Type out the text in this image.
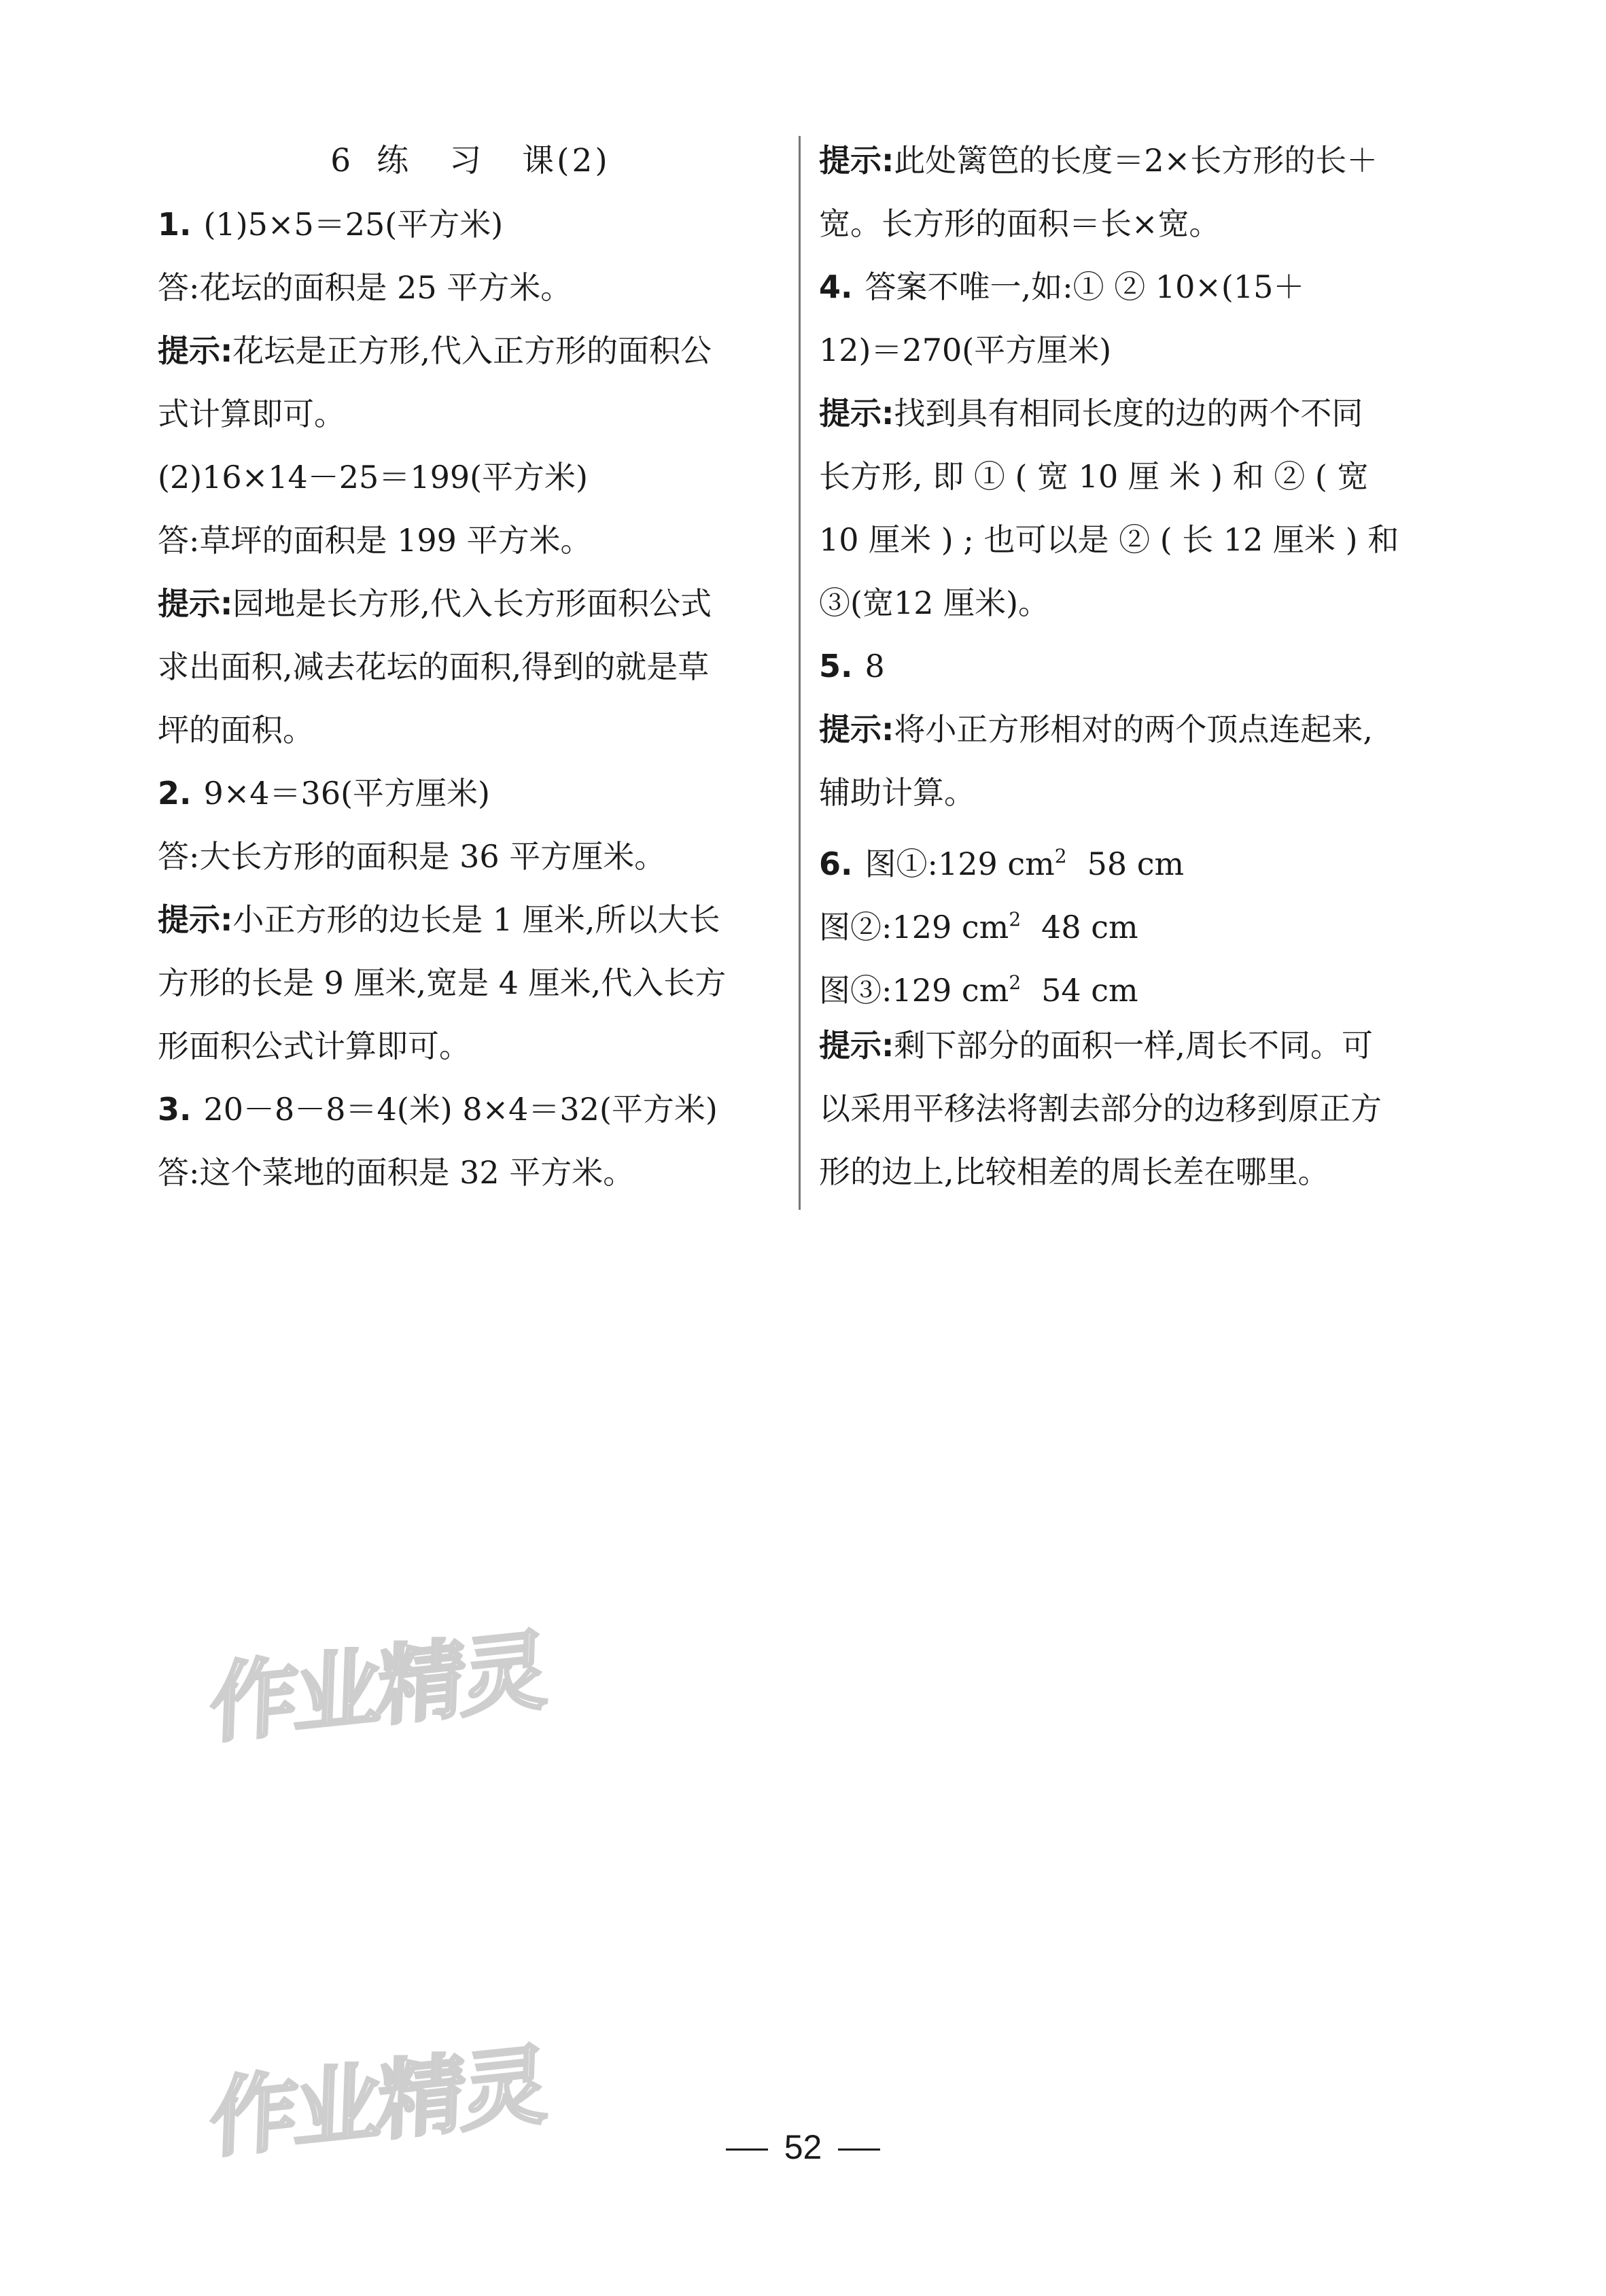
6 练 习 课(2)
1. (1)5×5＝25(平方米)
答:花坛的面积是 25 平方米。
提示:花坛是正方形,代入正方形的面积公
式计算即可。
(2)16×14－25＝199(平方米)
答:草坪的面积是 199 平方米。
提示:园地是长方形,代入长方形面积公式
求出面积,减去花坛的面积,得到的就是草
坪的面积。
2. 9×4＝36(平方厘米)
答:大长方形的面积是 36 平方厘米。
提示:小正方形的边长是 1 厘米,所以大长
方形的长是 9 厘米,宽是 4 厘米,代入长方
形面积公式计算即可。
3. 20－8－8＝4(米) 8×4＝32(平方米)
答:这个菜地的面积是 32 平方米。
提示:此处篱笆的长度＝2×长方形的长＋
宽。长方形的面积＝长×宽。
4. 答案不唯一,如:① ② 10×(15＋
12)＝270(平方厘米)
提示:找到具有相同长度的边的两个不同
长方形, 即 ① ( 宽 10 厘 米 ) 和 ② ( 宽
10 厘米 ) ; 也可以是 ② ( 长 12 厘米 ) 和
③(宽12 厘米)。
5. 8
提示:将小正方形相对的两个顶点连起来,
辅助计算。
6. 图①:129 $cm^2$ 58 cm
图②:129 $cm^2$ 48 cm
图③:129 $cm^2$ 54 cm
提示:剩下部分的面积一样,周长不同。可
以采用平移法将割去部分的边移到原正方
形的边上,比较相差的周长差在哪里。
作业精灵
作业精灵	52
